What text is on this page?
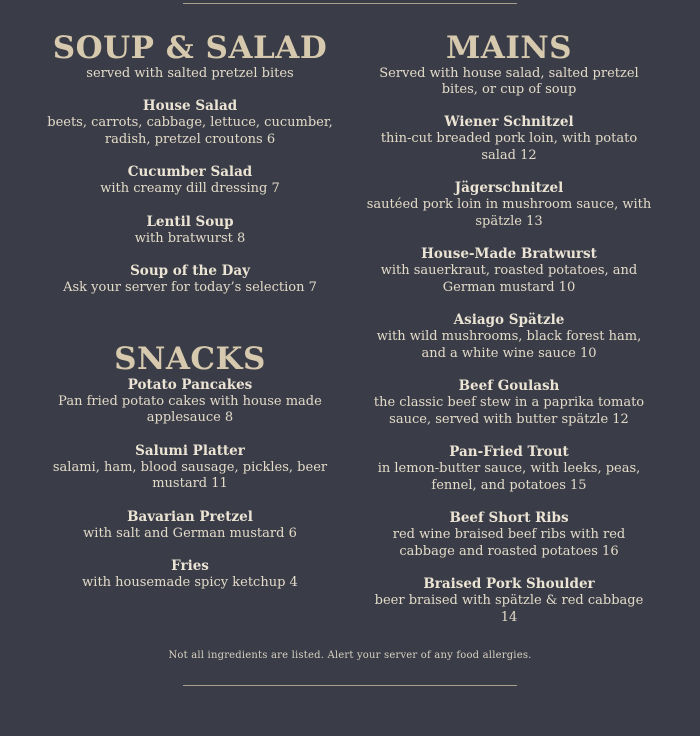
SOUP & SALAD

served with salted pretzel bites

House Salad
beets, carrots, cabbage, lettuce, cucumber, radish, pretzel croutons 6
Cucumber Salad
with creamy dill dressing 7
Lentil Soup
with bratwurst 8
Soup of the Day
Ask your server for today’s selection 7
SNACKS
Potato Pancakes
Pan fried potato cakes with house made applesauce 8
Salumi Platter
salami, ham, blood sausage, pickles, beer mustard 11
Bavarian Pretzel
with salt and German mustard 6
Fries
with housemade spicy ketchup 4
MAINS

Served with house salad, salted pretzel bites, or cup of soup

Wiener Schnitzel
thin-cut breaded pork loin, with potato salad 12
Jägerschnitzel
sautéed pork loin in mushroom sauce, with spätzle 13
House-Made Bratwurst
with sauerkraut, roasted potatoes, and German mustard 10
Asiago Spätzle
with wild mushrooms, black forest ham, and a white wine sauce 10
Beef Goulash
the classic beef stew in a paprika tomato sauce, served with butter spätzle 12
Pan-Fried Trout
in lemon-butter sauce, with leeks, peas, fennel, and potatoes 15
Beef Short Ribs
red wine braised beef ribs with red cabbage and roasted potatoes 16
Braised Pork Shoulder
beer braised with spätzle & red cabbage 14
Not all ingredients are listed. Alert your server of any food allergies.
